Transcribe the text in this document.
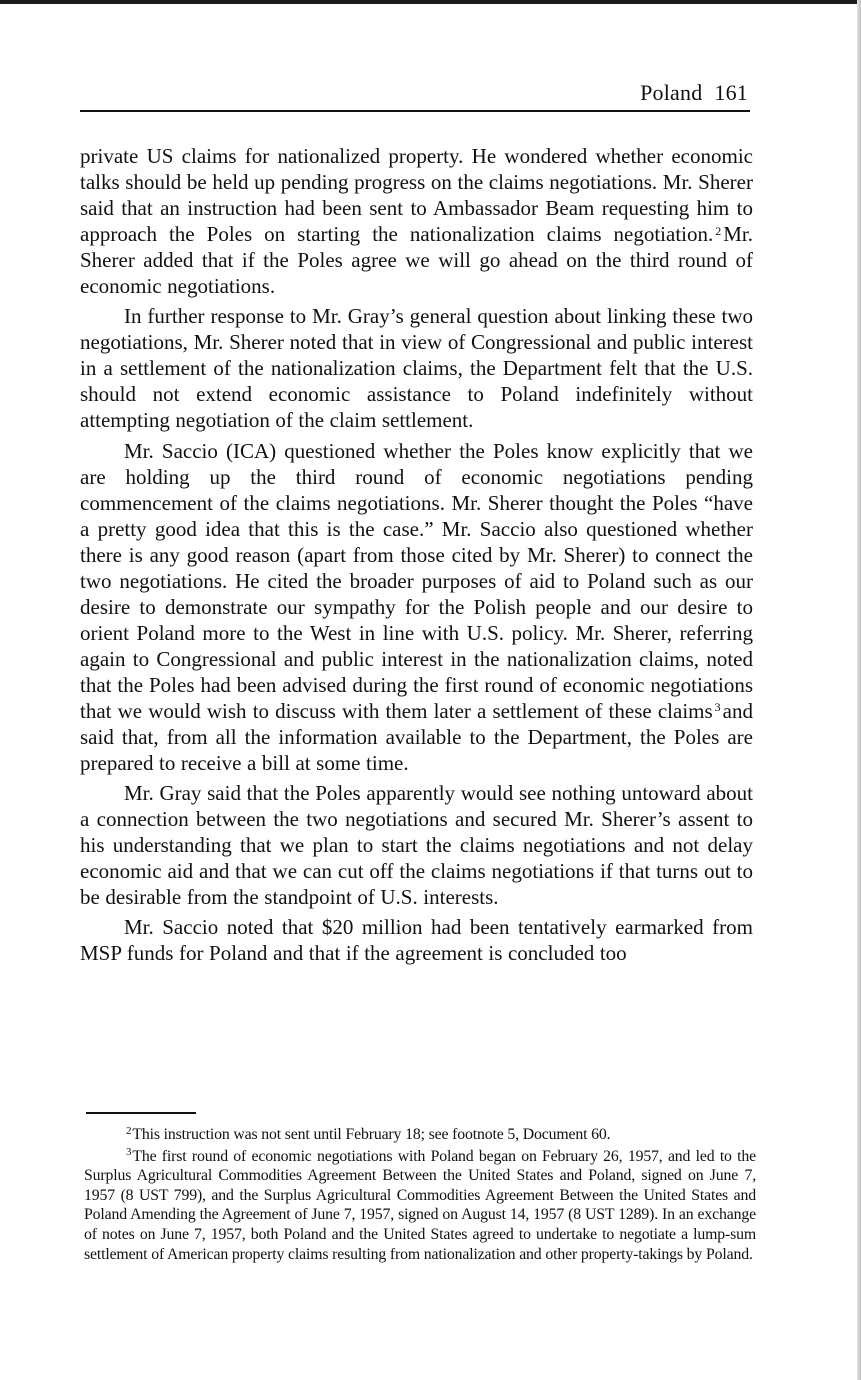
Poland 161

private US claims for nationalized property. He wondered whether economic talks should be held up pending progress on the claims negotiations. Mr. Sherer said that an instruction had been sent to Ambassador Beam requesting him to approach the Poles on starting the nationalization claims negotiation. $^2$Mr. Sherer added that if the Poles agree we will go ahead on the third round of economic negotiations.

In further response to Mr. Gray’s general question about linking these two negotiations, Mr. Sherer noted that in view of Congressional and public interest in a settlement of the nationalization claims, the Department felt that the U.S. should not extend economic assistance to Poland indefinitely without attempting negotiation of the claim settlement.

Mr. Saccio (ICA) questioned whether the Poles know explicitly that we are holding up the third round of economic negotiations pending commencement of the claims negotiations. Mr. Sherer thought the Poles “have a pretty good idea that this is the case.” Mr. Saccio also questioned whether there is any good reason (apart from those cited by Mr. Sherer) to connect the two negotiations. He cited the broader purposes of aid to Poland such as our desire to demonstrate our sympathy for the Polish people and our desire to orient Poland more to the West in line with U.S. policy. Mr. Sherer, referring again to Congressional and public interest in the nationalization claims, noted that the Poles had been advised during the first round of economic negotiations that we would wish to discuss with them later a settlement of these claims $^3$and said that, from all the information available to the Department, the Poles are prepared to receive a bill at some time.

Mr. Gray said that the Poles apparently would see nothing untoward about a connection between the two negotiations and secured Mr. Sherer’s assent to his understanding that we plan to start the claims negotiations and not delay economic aid and that we can cut off the claims negotiations if that turns out to be desirable from the standpoint of U.S. interests.

Mr. Saccio noted that $20 million had been tentatively earmarked from MSP funds for Poland and that if the agreement is concluded too

$^2$This instruction was not sent until February 18; see footnote 5, Document 60.

$^3$The first round of economic negotiations with Poland began on February 26, 1957, and led to the Surplus Agricultural Commodities Agreement Between the United States and Poland, signed on June 7, 1957 (8 UST 799), and the Surplus Agricultural Commodities Agreement Between the United States and Poland Amending the Agreement of June 7, 1957, signed on August 14, 1957 (8 UST 1289). In an exchange of notes on June 7, 1957, both Poland and the United States agreed to undertake to negotiate a lump-sum settlement of American property claims resulting from nationalization and other property-takings by Poland.
